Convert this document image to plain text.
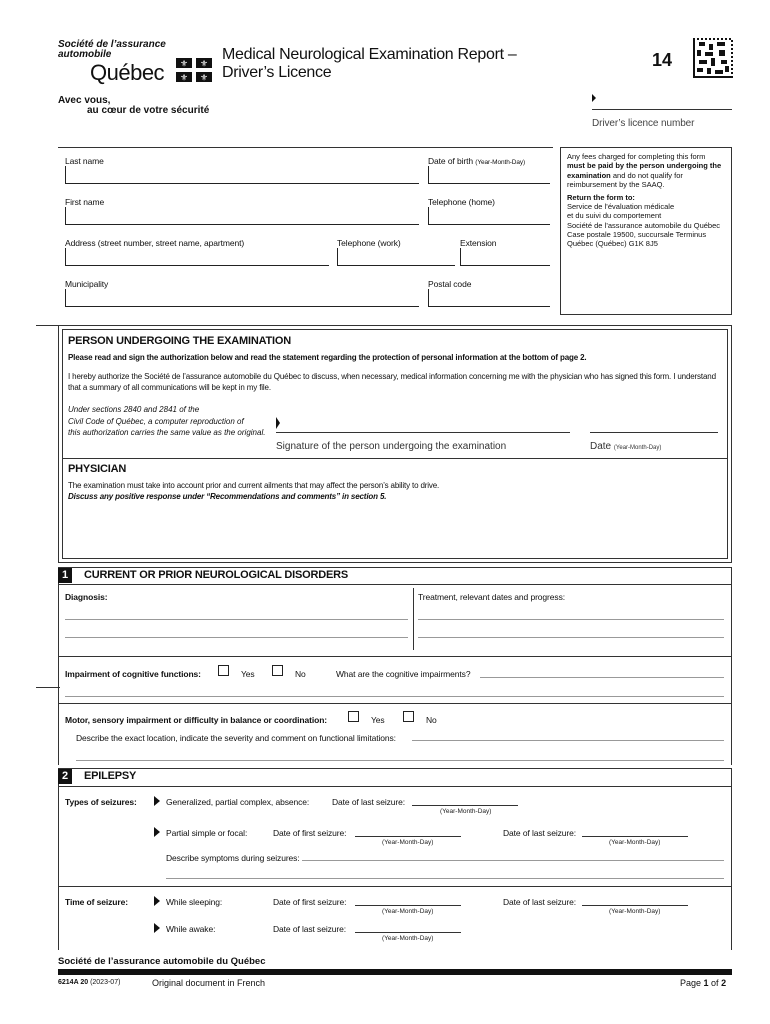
Société de l’assurance
automobile
Québec ⚜ ⚜
⚜ ⚜
Avec vous,
au cœur de votre sécurité
Medical Neurological Examination Report –
Driver’s Licence
14
Driver’s licence number
Last name	Date of birth (Year-Month-Day)
First name	Telephone (home)
Address (street number, street name, apartment)	Telephone (work)	Extension
Municipality	Postal code
Any fees charged for completing this form must be paid by the person undergoing the examination and do not qualify for reimbursement by the SAAQ.
Return the form to:
Service de l’évaluation médicale
et du suivi du comportement
Société de l’assurance automobile du Québec
Case postale 19500, succursale Terminus
Québec (Québec) G1K 8J5
PERSON UNDERGOING THE EXAMINATION
Please read and sign the authorization below and read the statement regarding the protection of personal information at the bottom of page 2.
I hereby authorize the Société de l’assurance automobile du Québec to discuss, when necessary, medical information concerning me with the physician who has signed this form. I understand that a summary of all communications will be kept in my file.
Under sections 2840 and 2841 of the
Civil Code of Québec, a computer reproduction of
this authorization carries the same value as the original.
Signature of the person undergoing the examination	Date (Year-Month-Day)
PHYSICIAN
The examination must take into account prior and current ailments that may affect the person’s ability to drive.
Discuss any positive response under “Recommendations and comments” in section 5.
1	CURRENT OR PRIOR NEUROLOGICAL DISORDERS
Diagnosis:	Treatment, relevant dates and progress:
Impairment of cognitive functions:	Yes	No	What are the cognitive impairments?
Motor, sensory impairment or difficulty in balance or coordination:	Yes	No
Describe the exact location, indicate the severity and comment on functional limitations:
2	EPILEPSY
Types of seizures:	Generalized, partial complex, absence:	Date of last seizure:
(Year-Month-Day)
Partial simple or focal:	Date of first seizure:
(Year-Month-Day)
Date of last seizure:
(Year-Month-Day)
Describe symptoms during seizures:
Time of seizure:	While sleeping:	Date of first seizure:
(Year-Month-Day)
Date of last seizure:
(Year-Month-Day)
While awake:	Date of last seizure:
(Year-Month-Day)
Société de l’assurance automobile du Québec
6214A 20 (2023-07)	Original document in French	Page 1 of 2
